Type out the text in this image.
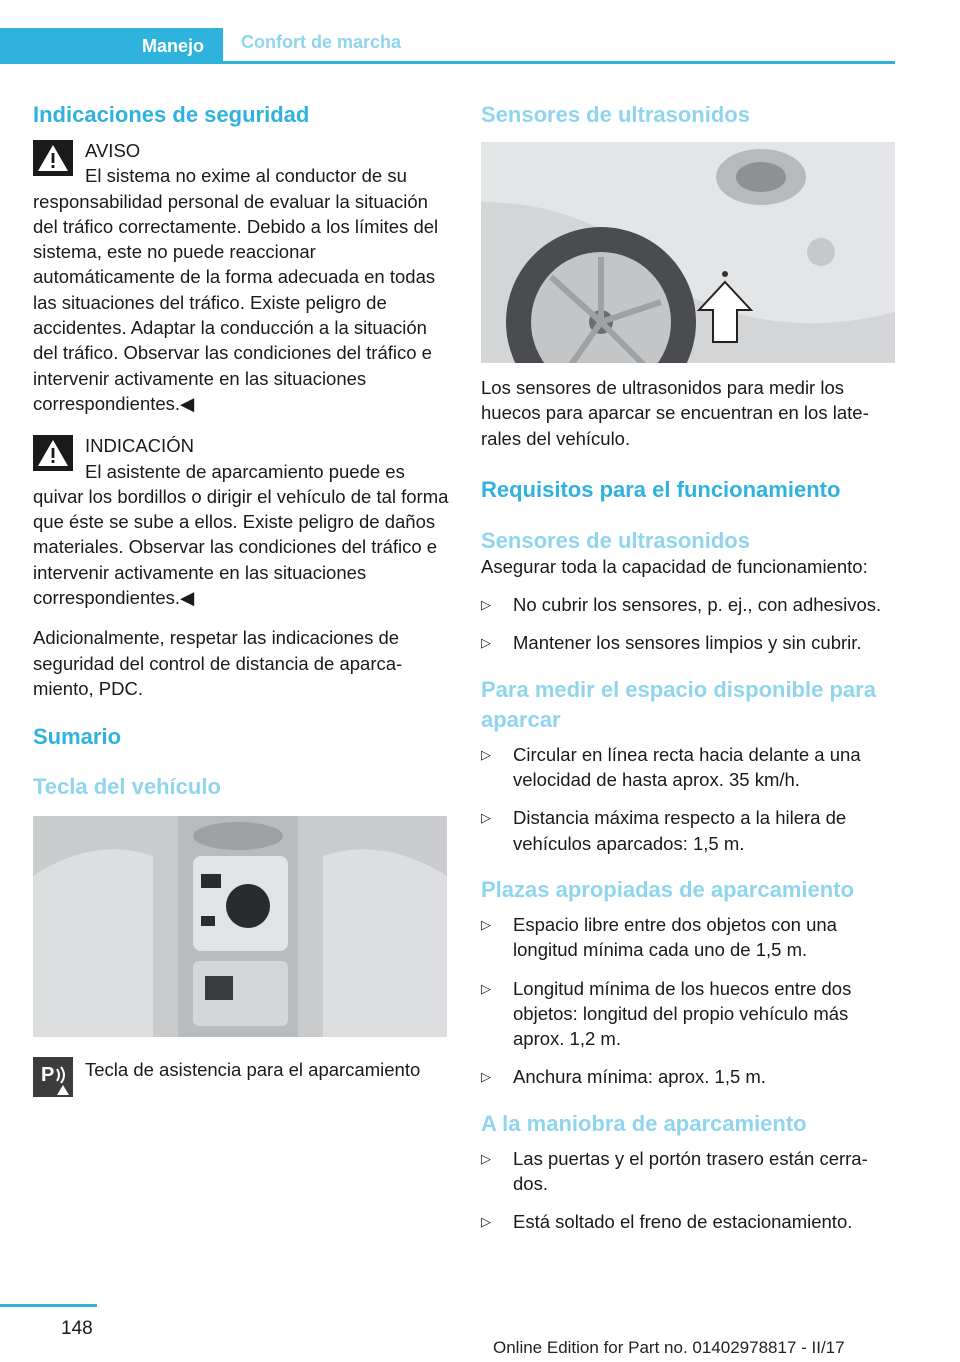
Manejo	Confort de marcha
Indicaciones de seguridad
AVISO
El sistema no exime al conductor de su

responsabilidad personal de evaluar la situación del tráfico correctamente. Debido a los límites del sistema, este no puede reaccionar automáticamente de la forma adecuada en todas las situaciones del tráfico. Existe peligro de accidentes. Adaptar la conducción a la situación del tráfico. Observar las condiciones del tráfico e intervenir activamente en las situaciones correspondientes.◀

INDICACIÓN
El asistente de aparcamiento puede es

quivar los bordillos o dirigir el vehículo de tal forma que éste se sube a ellos. Existe peligro de daños materiales. Observar las condiciones del tráfico e intervenir activamente en las situaciones correspondientes.◀

Adicionalmente, respetar las indicaciones de seguridad del control de distancia de aparcamiento, PDC.

Sumario
Tecla del vehículo
P	Tecla de asistencia para el aparcamiento

Sensores de ultrasonidos

Los sensores de ultrasonidos para medir los huecos para aparcar se encuentran en los laterales del vehículo.

Requisitos para el funcionamiento
Sensores de ultrasonidos

Asegurar toda la capacidad de funcionamiento:

▷ No cubrir los sensores, p. ej., con adhesivos.
▷ Mantener los sensores limpios y sin cubrir.
Para medir el espacio disponible para aparcar
▷ Circular en línea recta hacia delante a una velocidad de hasta aprox. 35 km/h.
▷ Distancia máxima respecto a la hilera de vehículos aparcados: 1,5 m.
Plazas apropiadas de aparcamiento
▷ Espacio libre entre dos objetos con una longitud mínima cada uno de 1,5 m.
▷ Longitud mínima de los huecos entre dos objetos: longitud del propio vehículo más aprox. 1,2 m.
▷ Anchura mínima: aprox. 1,5 m.
A la maniobra de aparcamiento
▷ Las puertas y el portón trasero están cerrados.
▷ Está soltado el freno de estacionamiento.
148
Online Edition for Part no. 01402978817 - II/17
